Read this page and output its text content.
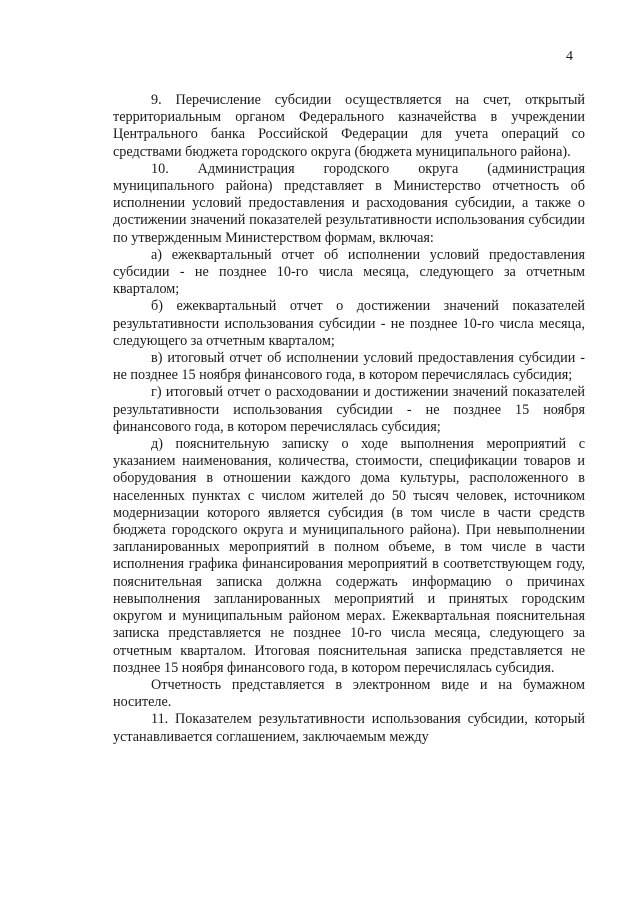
4

9. Перечисление субсидии осуществляется на счет, открытый территориальным органом Федерального казначейства в учреждении Центрального банка Российской Федерации для учета операций со средствами бюджета городского округа (бюджета муниципального района).

10. Администрация городского округа (администрация муниципального района) представляет в Министерство отчетность об исполнении условий предоставления и расходования субсидии, а также о достижении значений показателей результативности использования субсидии по утвержденным Министерством формам, включая:

а) ежеквартальный отчет об исполнении условий предоставления субсидии - не позднее 10-го числа месяца, следующего за отчетным кварталом;

б) ежеквартальный отчет о достижении значений показателей результативности использования субсидии - не позднее 10-го числа месяца, следующего за отчетным кварталом;

в) итоговый отчет об исполнении условий предоставления субсидии - не позднее 15 ноября финансового года, в котором перечислялась субсидия;

г) итоговый отчет о расходовании и достижении значений показателей результативности использования субсидии - не позднее 15 ноября финансового года, в котором перечислялась субсидия;

д) пояснительную записку о ходе выполнения мероприятий с указанием наименования, количества, стоимости, спецификации товаров и оборудования в отношении каждого дома культуры, расположенного в населенных пунктах с числом жителей до 50 тысяч человек, источником модернизации которого является субсидия (в том числе в части средств бюджета городского округа и муниципального района). При невыполнении запланированных мероприятий в полном объеме, в том числе в части исполнения графика финансирования мероприятий в соответствующем году, пояснительная записка должна содержать информацию о причинах невыполнения запланированных мероприятий и принятых городским округом и муниципальным районом мерах. Ежеквартальная пояснительная записка представляется не позднее 10-го числа месяца, следующего за отчетным кварталом. Итоговая пояснительная записка представляется не позднее 15 ноября финансового года, в котором перечислялась субсидия.

Отчетность представляется в электронном виде и на бумажном носителе.

11. Показателем результативности использования субсидии, который устанавливается соглашением, заключаемым между
